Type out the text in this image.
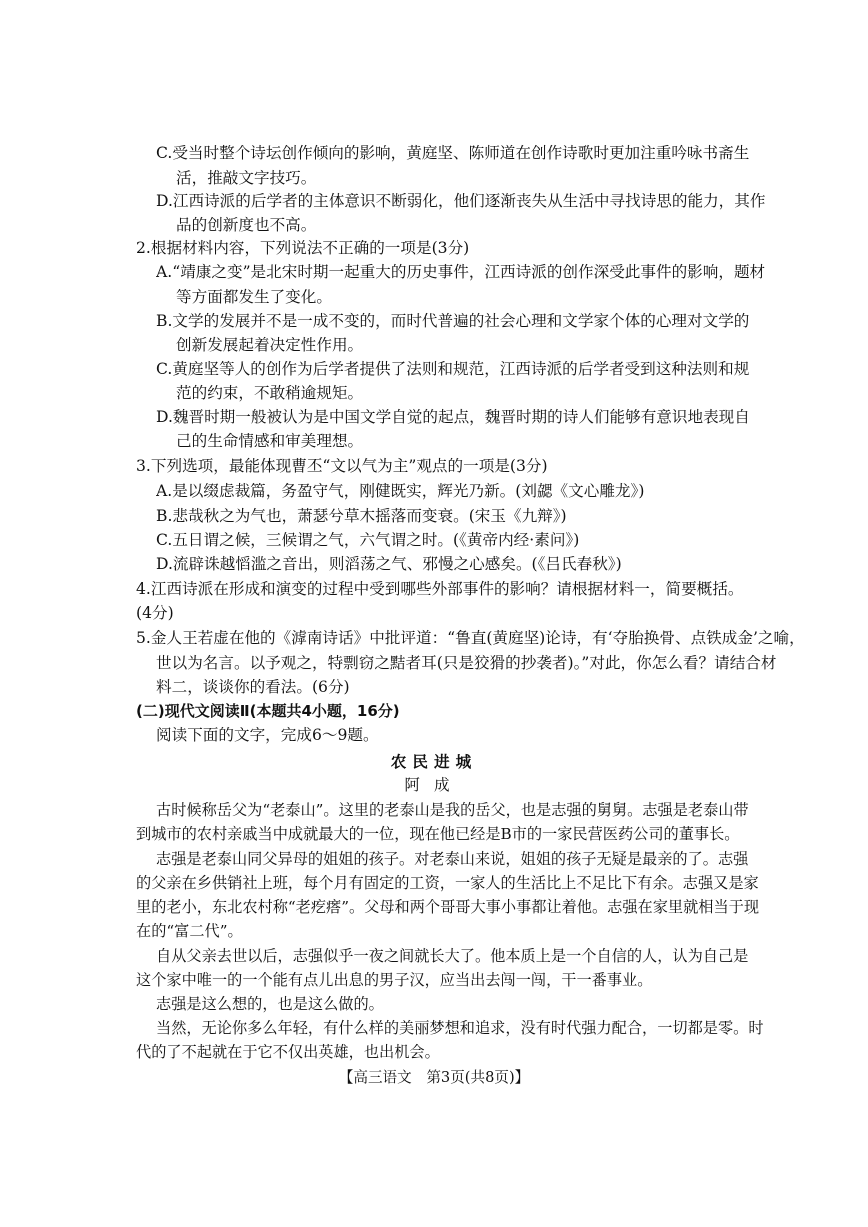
C.受当时整个诗坛创作倾向的影响，黄庭坚、陈师道在创作诗歌时更加注重吟咏书斋生
活，推敲文字技巧。
D.江西诗派的后学者的主体意识不断弱化，他们逐渐丧失从生活中寻找诗思的能力，其作
品的创新度也不高。
2.根据材料内容，下列说法不正确的一项是(3分)
A.“靖康之变”是北宋时期一起重大的历史事件，江西诗派的创作深受此事件的影响，题材
等方面都发生了变化。
B.文学的发展并不是一成不变的，而时代普遍的社会心理和文学家个体的心理对文学的
创新发展起着决定性作用。
C.黄庭坚等人的创作为后学者提供了法则和规范，江西诗派的后学者受到这种法则和规
范的约束，不敢稍逾规矩。
D.魏晋时期一般被认为是中国文学自觉的起点，魏晋时期的诗人们能够有意识地表现自
己的生命情感和审美理想。
3.下列选项，最能体现曹丕“文以气为主”观点的一项是(3分)
A.是以缀虑裁篇，务盈守气，刚健既实，辉光乃新。(刘勰《文心雕龙》)
B.悲哉秋之为气也，萧瑟兮草木摇落而变衰。(宋玉《九辩》)
C.五日谓之候，三候谓之气，六气谓之时。(《黄帝内经·素问》)
D.流辟诛越慆滥之音出，则滔荡之气、邪慢之心感矣。(《吕氏春秋》)
4.江西诗派在形成和演变的过程中受到哪些外部事件的影响？请根据材料一，简要概括。
(4分)
5.金人王若虚在他的《滹南诗话》中批评道：“鲁直(黄庭坚)论诗，有‘夺胎换骨、点铁成金’之喻，
世以为名言。以予观之，特剽窃之黠者耳(只是狡猾的抄袭者)。”对此，你怎么看？请结合材
料二，谈谈你的看法。(6分)
(二)现代文阅读Ⅱ(本题共4小题，16分)
阅读下面的文字，完成6～9题。
农民进城
阿成
古时候称岳父为“老泰山”。这里的老泰山是我的岳父，也是志强的舅舅。志强是老泰山带
到城市的农村亲戚当中成就最大的一位，现在他已经是B市的一家民营医药公司的董事长。
志强是老泰山同父异母的姐姐的孩子。对老泰山来说，姐姐的孩子无疑是最亲的了。志强
的父亲在乡供销社上班，每个月有固定的工资，一家人的生活比上不足比下有余。志强又是家
里的老小，东北农村称“老疙瘩”。父母和两个哥哥大事小事都让着他。志强在家里就相当于现
在的“富二代”。
自从父亲去世以后，志强似乎一夜之间就长大了。他本质上是一个自信的人，认为自己是
这个家中唯一的一个能有点儿出息的男子汉，应当出去闯一闯，干一番事业。
志强是这么想的，也是这么做的。
当然，无论你多么年轻，有什么样的美丽梦想和追求，没有时代强力配合，一切都是零。时
代的了不起就在于它不仅出英雄，也出机会。
【高三语文　第3页(共8页)】
